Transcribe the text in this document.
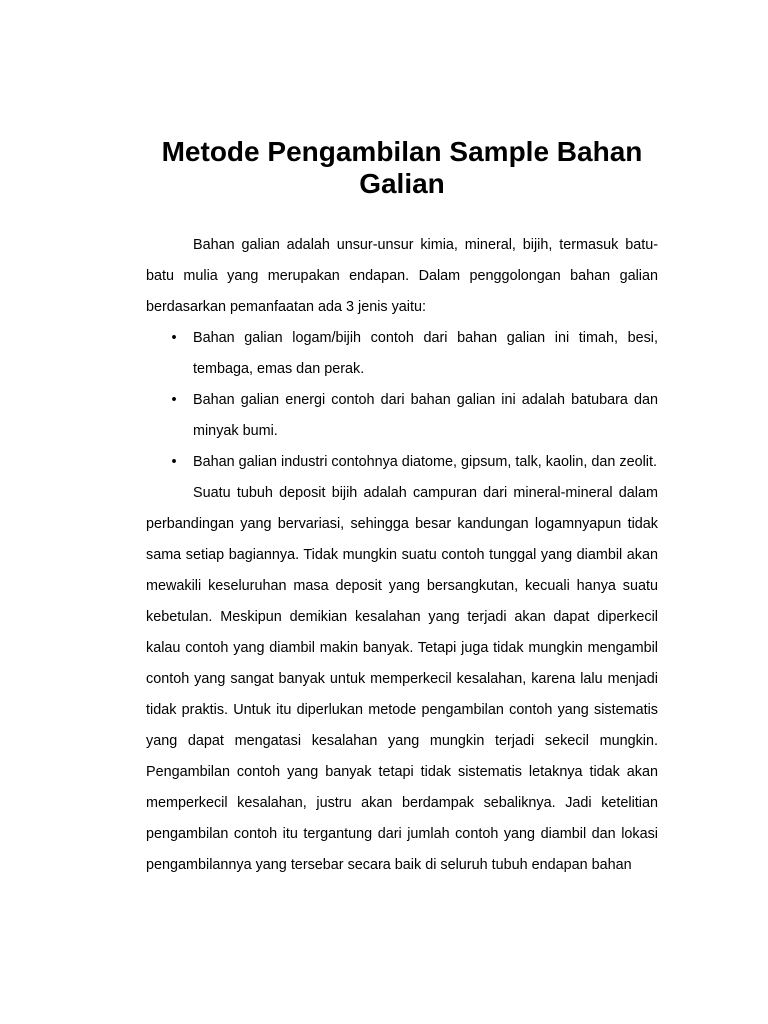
Metode Pengambilan Sample Bahan Galian

Bahan galian adalah unsur-unsur kimia, mineral, bijih, termasuk batu-batu mulia yang merupakan endapan. Dalam penggolongan bahan galian berdasarkan pemanfaatan ada 3 jenis yaitu:

• Bahan galian logam/bijih contoh dari bahan galian ini timah, besi, tembaga, emas dan perak.
• Bahan galian energi contoh dari bahan galian ini adalah batubara dan minyak bumi.
• Bahan galian industri contohnya diatome, gipsum, talk, kaolin, dan zeolit.

Suatu tubuh deposit bijih adalah campuran dari mineral-mineral dalam perbandingan yang bervariasi, sehingga besar kandungan logamnyapun tidak sama setiap bagiannya. Tidak mungkin suatu contoh tunggal yang diambil akan mewakili keseluruhan masa deposit yang bersangkutan, kecuali hanya suatu kebetulan. Meskipun demikian kesalahan yang terjadi akan dapat diperkecil kalau contoh yang diambil makin banyak. Tetapi juga tidak mungkin mengambil contoh yang sangat banyak untuk memperkecil kesalahan, karena lalu menjadi tidak praktis. Untuk itu diperlukan metode pengambilan contoh yang sistematis yang dapat mengatasi kesalahan yang mungkin terjadi sekecil mungkin. Pengambilan contoh yang banyak tetapi tidak sistematis letaknya tidak akan memperkecil kesalahan, justru akan berdampak sebaliknya. Jadi ketelitian pengambilan contoh itu tergantung dari jumlah contoh yang diambil dan lokasi pengambilannya yang tersebar secara baik di seluruh tubuh endapan bahan
